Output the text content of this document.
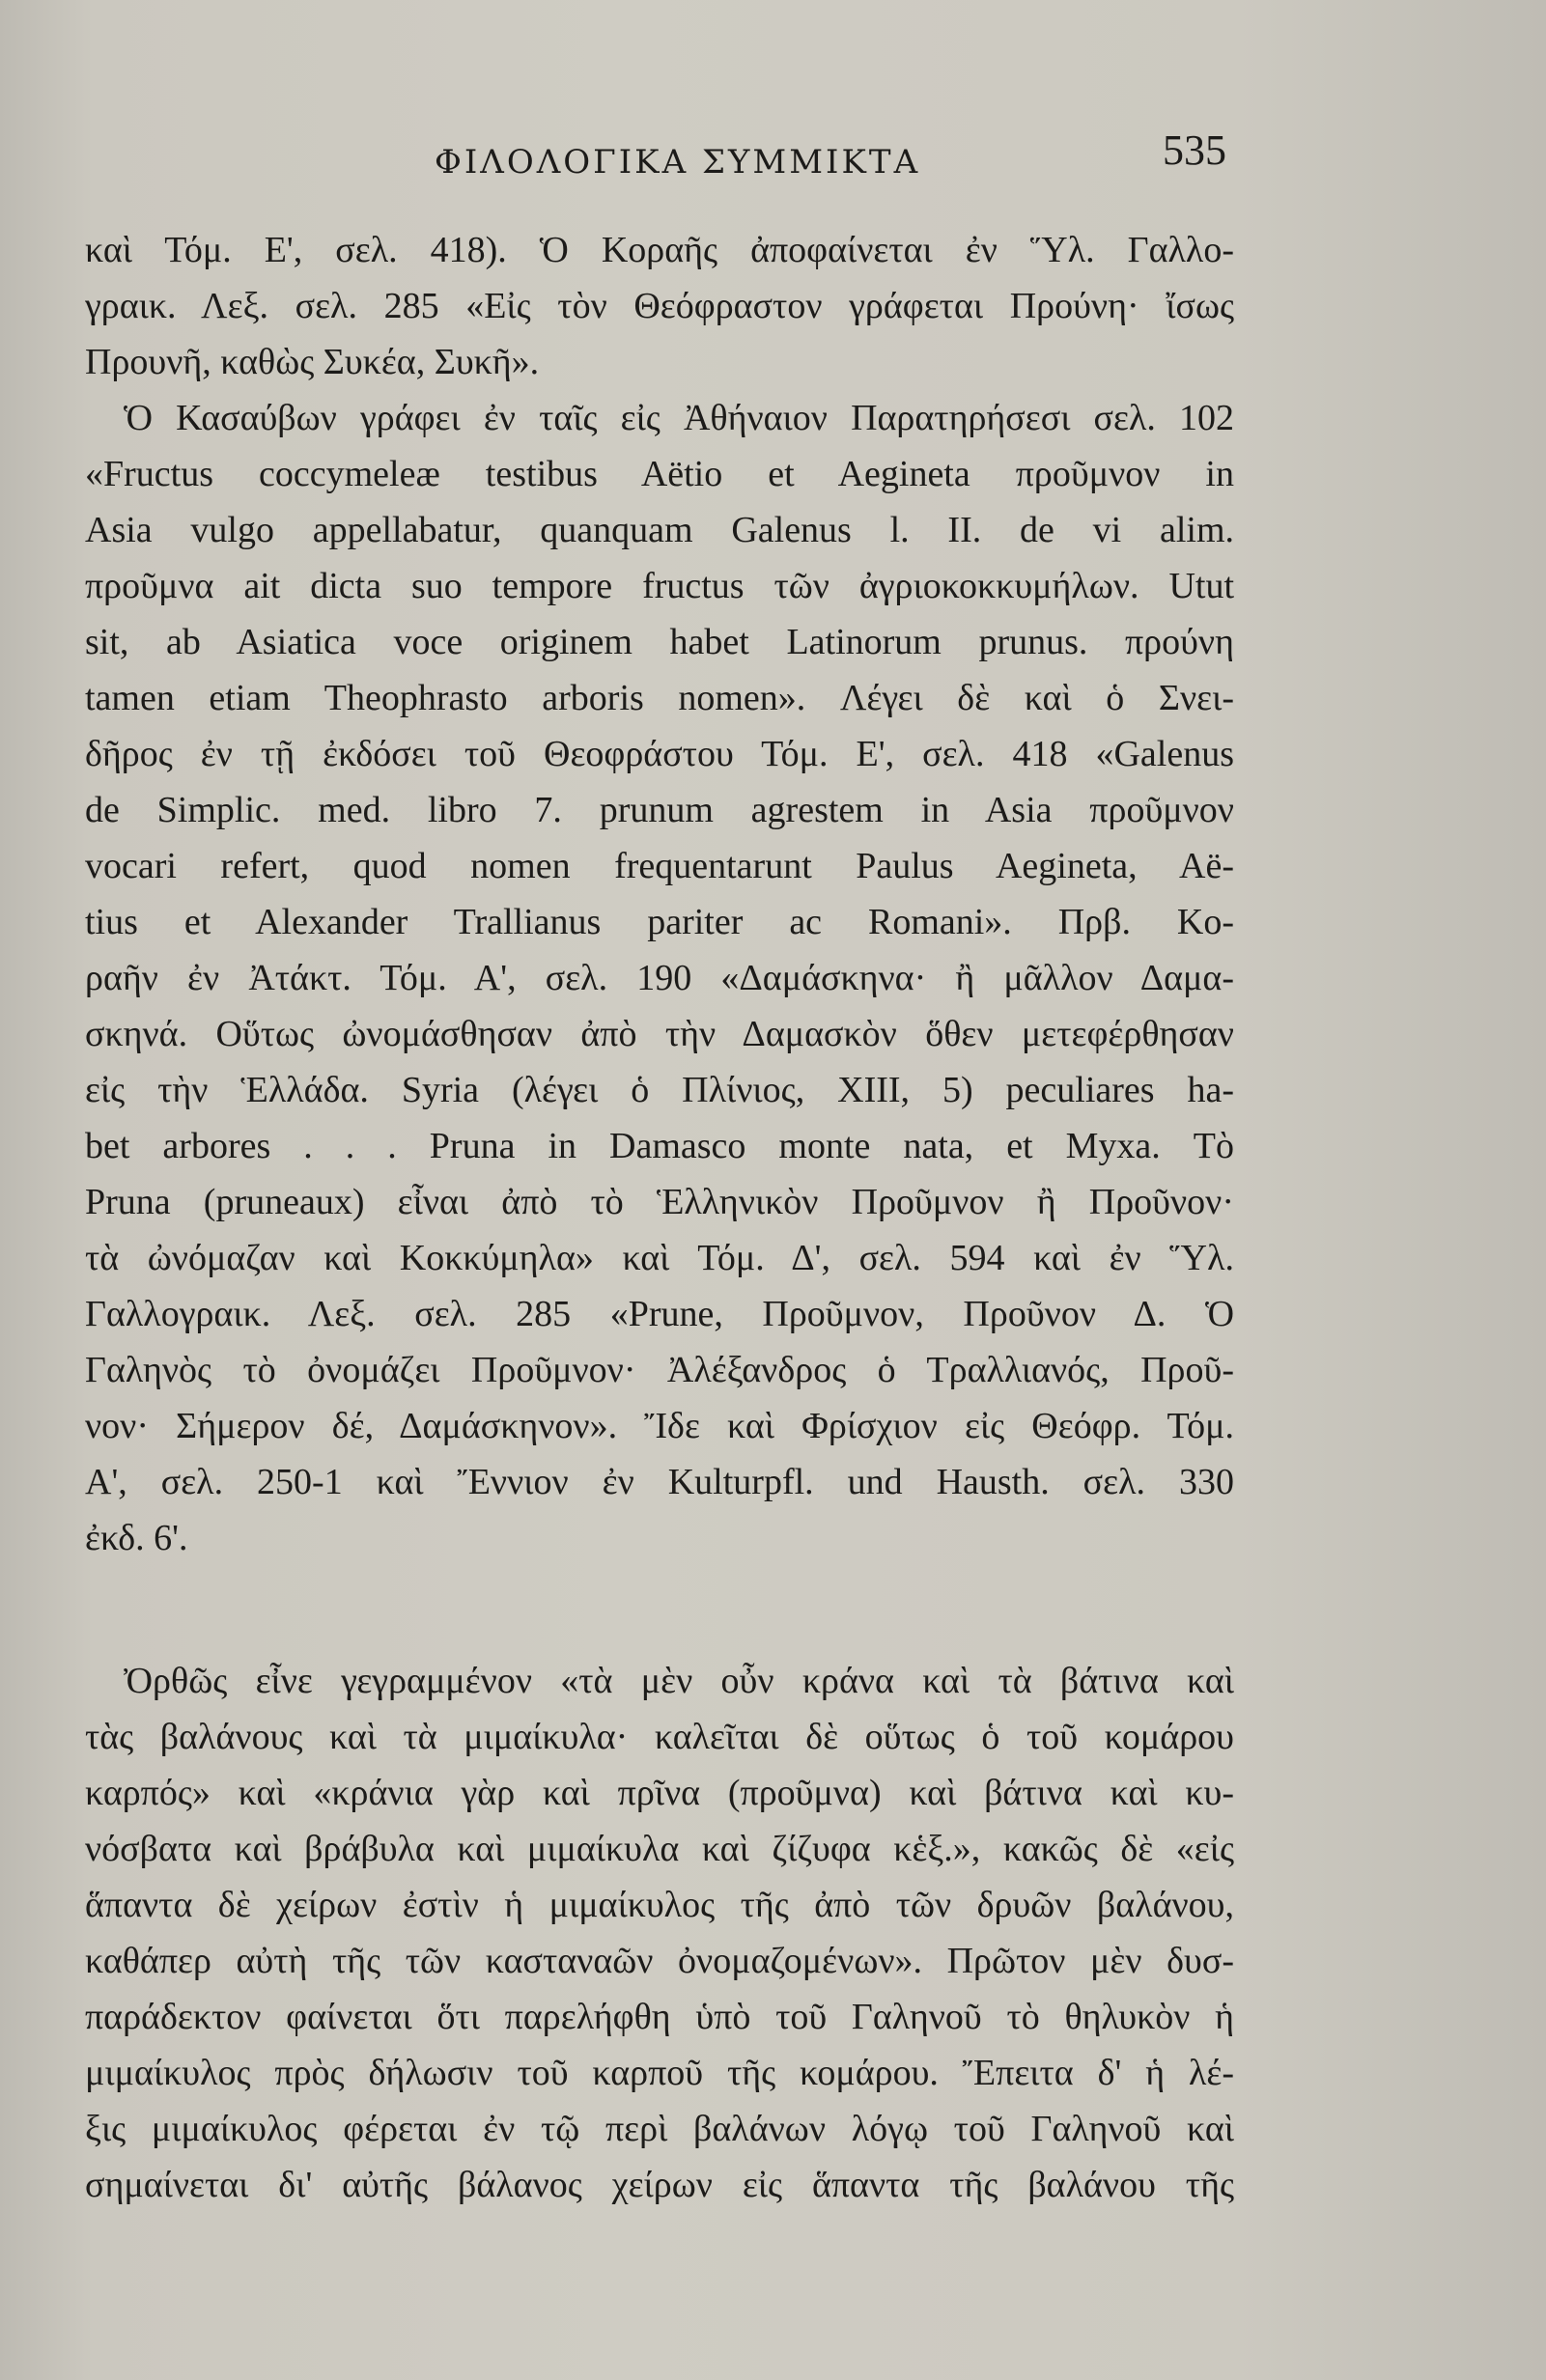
ΦΙΛΟΛΟΓΙΚΑ ΣΥΜΜΙΚΤΑ	535
καὶ Τόμ. Ε', σελ. 418). Ὁ Κοραῆς ἀποφαίνεται ἐν Ὕλ. Γαλλο-
γραικ. Λεξ. σελ. 285 «Εἰς τὸν Θεόφραστον γράφεται Προύνη· ἴσως
Προυνῆ, καθὼς Συκέα, Συκῆ».
Ὁ Κασαύβων γράφει ἐν ταῖς εἰς Ἀθήναιον Παρατηρήσεσι σελ. 102
«Fructus coccymeleæ testibus Aëtio et Aegineta προῦμνον in
Asia vulgo appellabatur, quanquam Galenus l. II. de vi alim.
προῦμνα ait dicta suo tempore fructus τῶν ἀγριοκοκκυμήλων. Utut
sit, ab Asiatica voce originem habet Latinorum prunus. προύνη
tamen etiam Theophrasto arboris nomen». Λέγει δὲ καὶ ὁ Σνει-
δῆρος ἐν τῇ ἐκδόσει τοῦ Θεοφράστου Τόμ. Ε', σελ. 418 «Galenus
de Simplic. med. libro 7. prunum agrestem in Asia προῦμνον
vocari refert, quod nomen frequentarunt Paulus Aegineta, Aë-
tius et Alexander Trallianus pariter ac Romani». Πρβ. Κο-
ραῆν ἐν Ἀτάκτ. Τόμ. Α', σελ. 190 «Δαμάσκηνα· ἢ μᾶλλον Δαμα-
σκηνά. Οὕτως ὠνομάσθησαν ἀπὸ τὴν Δαμασκὸν ὅθεν μετεφέρθησαν
εἰς τὴν Ἑλλάδα. Syria (λέγει ὁ Πλίνιος, XIII, 5) peculiares ha-
bet arbores . . . Pruna in Damasco monte nata, et Myxa. Τὸ
Pruna (pruneaux) εἶναι ἀπὸ τὸ Ἑλληνικὸν Προῦμνον ἢ Προῦνον·
τὰ ὠνόμαζαν καὶ Κοκκύμηλα» καὶ Τόμ. Δ', σελ. 594 καὶ ἐν Ὕλ.
Γαλλογραικ. Λεξ. σελ. 285 «Prune, Προῦμνον, Προῦνον Δ. Ὁ
Γαληνὸς τὸ ὀνομάζει Προῦμνον· Ἀλέξανδρος ὁ Τραλλιανός, Προῦ-
νον· Σήμερον δέ, Δαμάσκηνον». Ἴδε καὶ Φρίσχιον εἰς Θεόφρ. Τόμ.
Α', σελ. 250-1 καὶ Ἔννιον ἐν Kulturpfl. und Hausth. σελ. 330
ἐκδ. 6'.
Ὀρθῶς εἶνε γεγραμμένον «τὰ μὲν οὖν κράνα καὶ τὰ βάτινα καὶ
τὰς βαλάνους καὶ τὰ μιμαίκυλα· καλεῖται δὲ οὕτως ὁ τοῦ κομάρου
καρπός» καὶ «κράνια γὰρ καὶ πρῖνα (προῦμνα) καὶ βάτινα καὶ κυ-
νόσβατα καὶ βράβυλα καὶ μιμαίκυλα καὶ ζίζυφα κἑξ.», κακῶς δὲ «εἰς
ἅπαντα δὲ χείρων ἐστὶν ἡ μιμαίκυλος τῆς ἀπὸ τῶν δρυῶν βαλάνου,
καθάπερ αὐτὴ τῆς τῶν κασταναῶν ὀνομαζομένων». Πρῶτον μὲν δυσ-
παράδεκτον φαίνεται ὅτι παρελήφθη ὑπὸ τοῦ Γαληνοῦ τὸ θηλυκὸν ἡ
μιμαίκυλος πρὸς δήλωσιν τοῦ καρποῦ τῆς κομάρου. Ἔπειτα δ' ἡ λέ-
ξις μιμαίκυλος φέρεται ἐν τῷ περὶ βαλάνων λόγῳ τοῦ Γαληνοῦ καὶ
σημαίνεται δι' αὐτῆς βάλανος χείρων εἰς ἅπαντα τῆς βαλάνου τῆς
